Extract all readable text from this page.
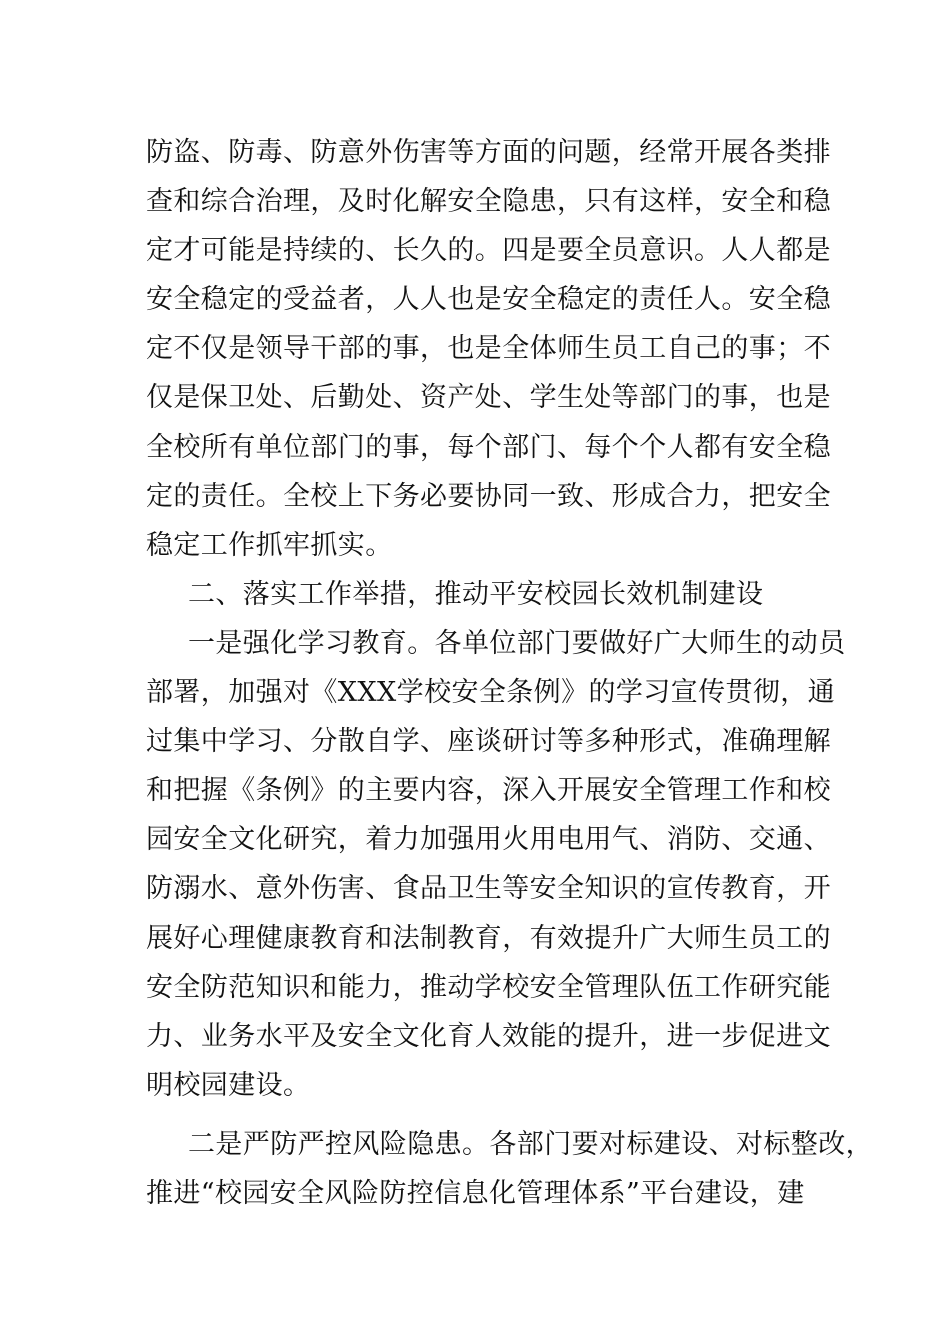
防盗、防毒、防意外伤害等方面的问题，经常开展各类排
查和综合治理，及时化解安全隐患，只有这样，安全和稳
定才可能是持续的、长久的。四是要全员意识。人人都是
安全稳定的受益者，人人也是安全稳定的责任人。安全稳
定不仅是领导干部的事，也是全体师生员工自己的事；不
仅是保卫处、后勤处、资产处、学生处等部门的事，也是
全校所有单位部门的事，每个部门、每个个人都有安全稳
定的责任。全校上下务必要协同一致、形成合力，把安全
稳定工作抓牢抓实。
二、落实工作举措，推动平安校园长效机制建设
一是强化学习教育。各单位部门要做好广大师生的动员
部署，加强对《XXX学校安全条例》的学习宣传贯彻，通
过集中学习、分散自学、座谈研讨等多种形式，准确理解
和把握《条例》的主要内容，深入开展安全管理工作和校
园安全文化研究，着力加强用火用电用气、消防、交通、
防溺水、意外伤害、食品卫生等安全知识的宣传教育，开
展好心理健康教育和法制教育，有效提升广大师生员工的
安全防范知识和能力，推动学校安全管理队伍工作研究能
力、业务水平及安全文化育人效能的提升，进一步促进文
明校园建设。
二是严防严控风险隐患。各部门要对标建设、对标整改，
推进“校园安全风险防控信息化管理体系”平台建设，建
